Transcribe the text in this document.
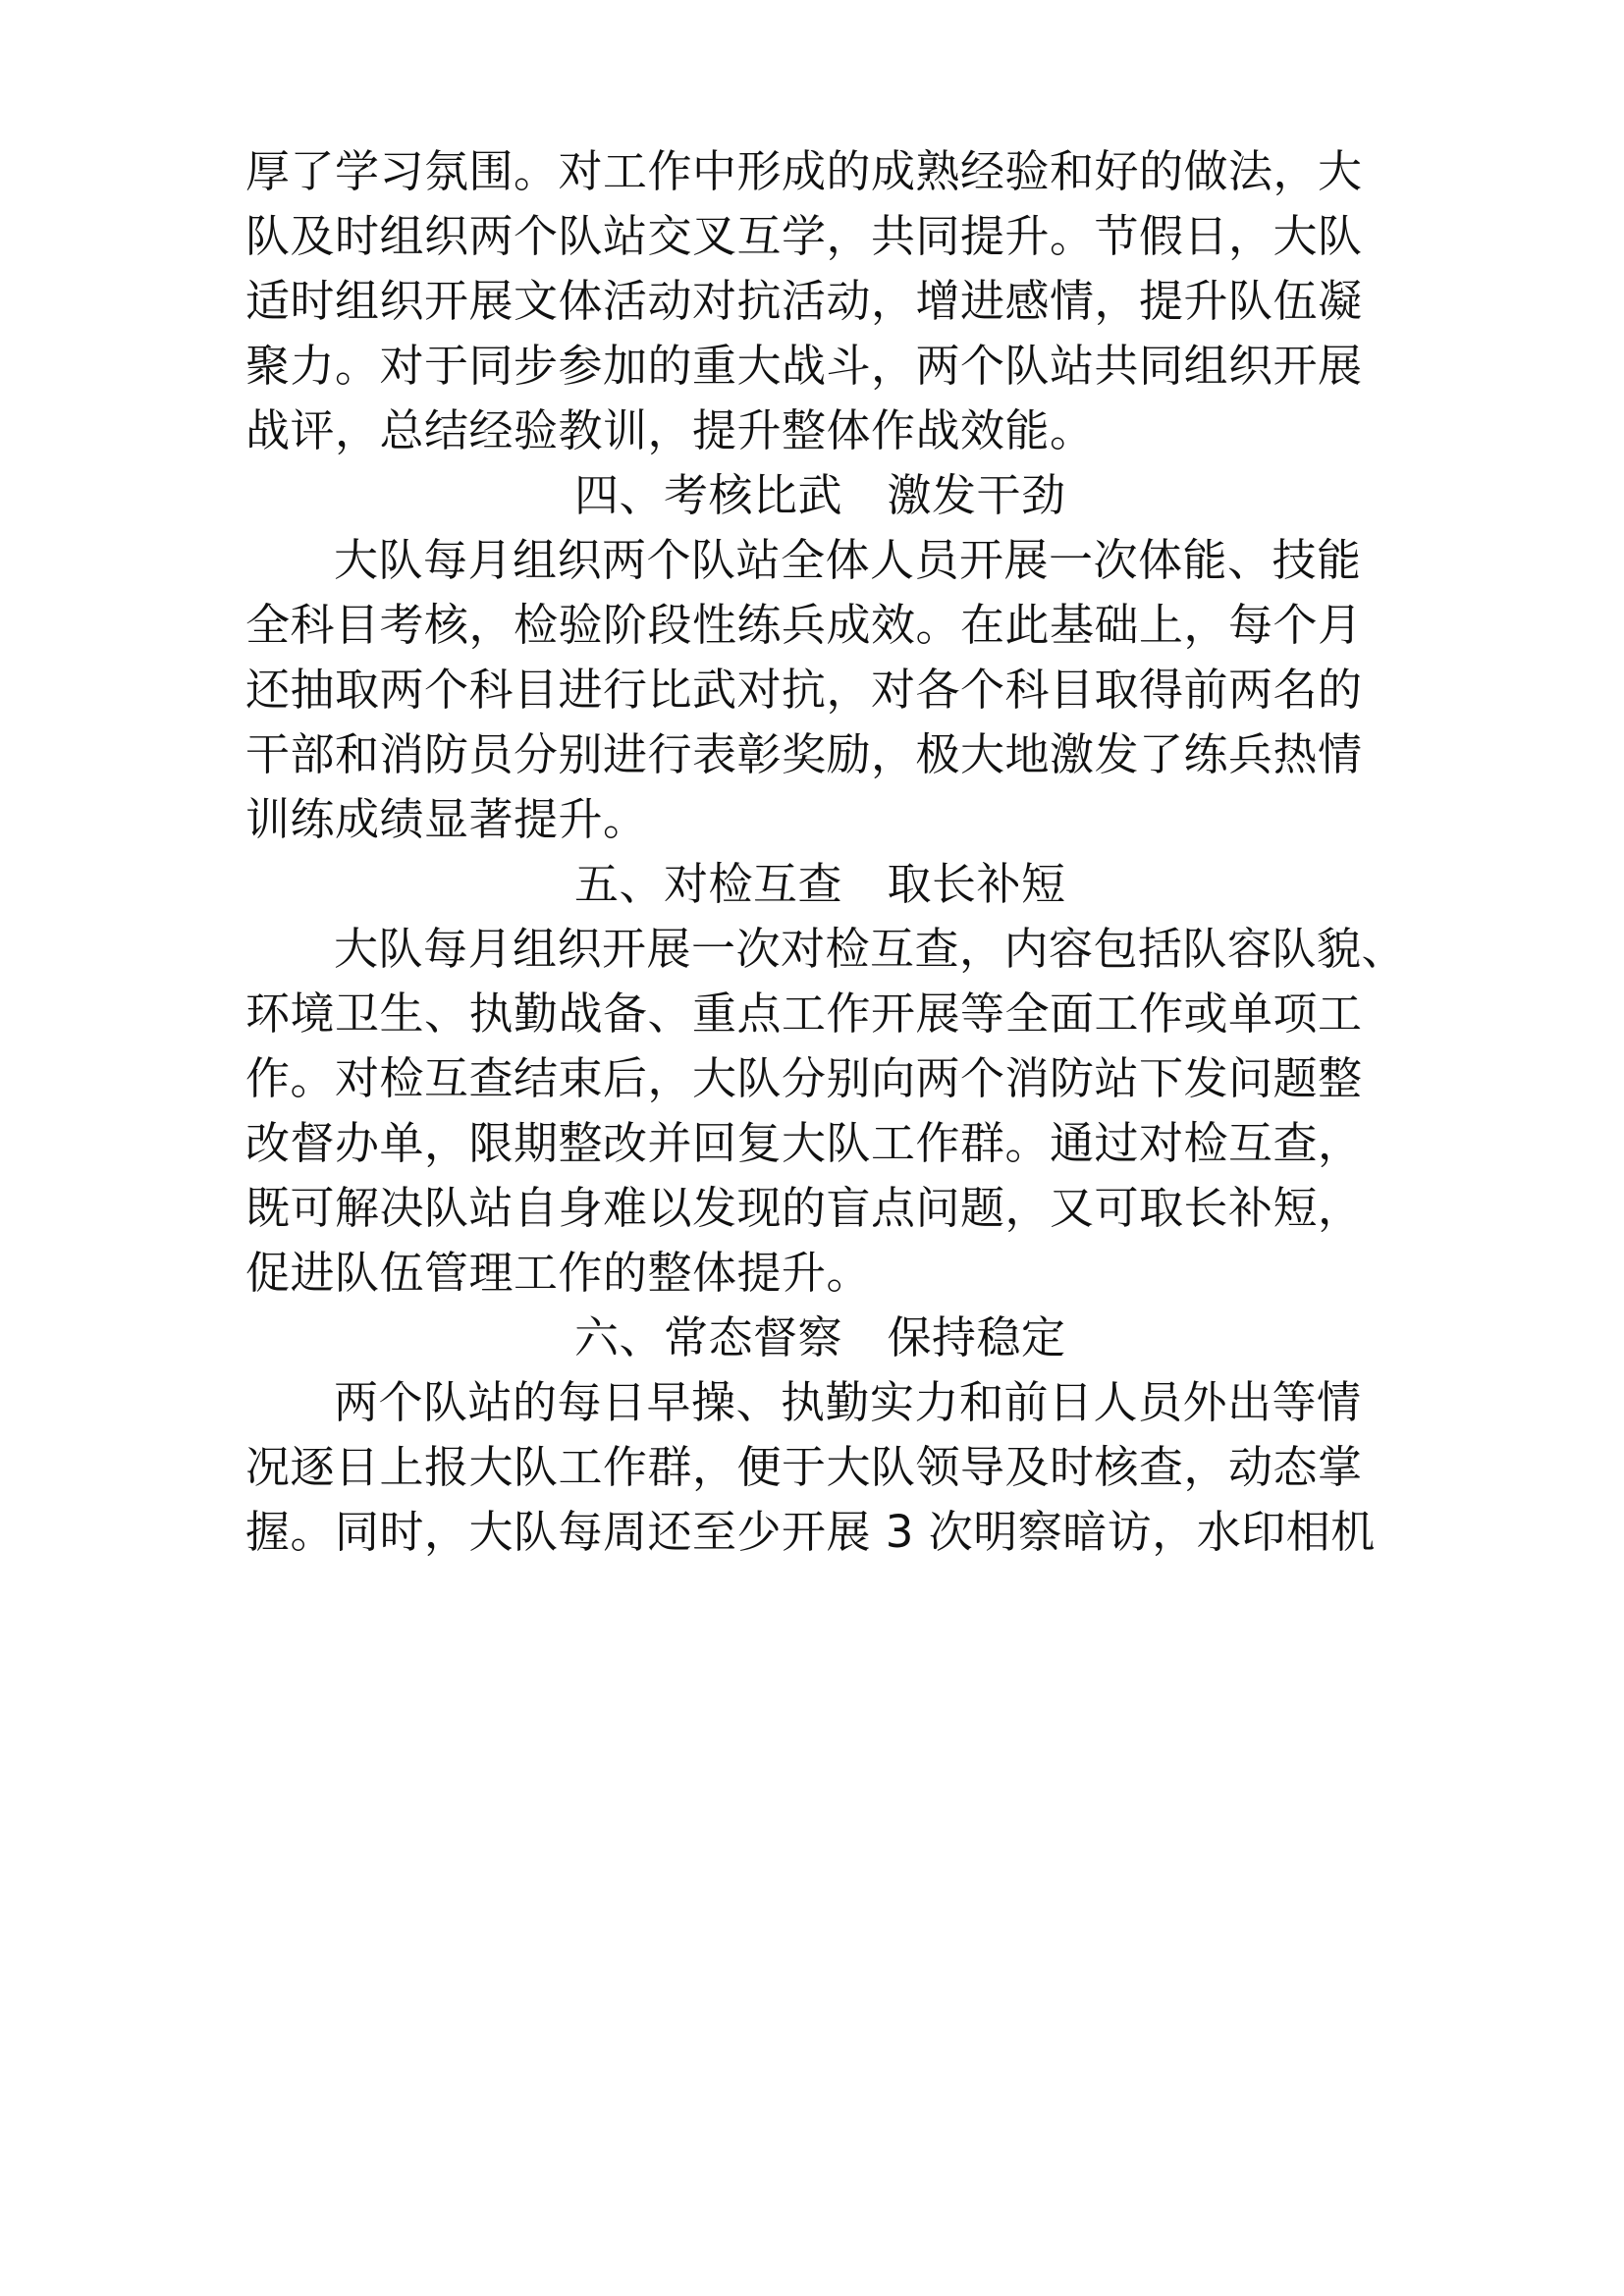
厚了学习氛围。对工作中形成的成熟经验和好的做法，大
队及时组织两个队站交叉互学，共同提升。节假日，大队
适时组织开展文体活动对抗活动，增进感情，提升队伍凝
聚力。对于同步参加的重大战斗，两个队站共同组织开展
战评，总结经验教训，提升整体作战效能。
四、考核比武　激发干劲
大队每月组织两个队站全体人员开展一次体能、技能
全科目考核，检验阶段性练兵成效。在此基础上，每个月
还抽取两个科目进行比武对抗，对各个科目取得前两名的
干部和消防员分别进行表彰奖励，极大地激发了练兵热情
训练成绩显著提升。
五、对检互查　取长补短
大队每月组织开展一次对检互查，内容包括队容队貌、
环境卫生、执勤战备、重点工作开展等全面工作或单项工
作。对检互查结束后，大队分别向两个消防站下发问题整
改督办单，限期整改并回复大队工作群。通过对检互查，
既可解决队站自身难以发现的盲点问题，又可取长补短，
促进队伍管理工作的整体提升。
六、常态督察　保持稳定
两个队站的每日早操、执勤实力和前日人员外出等情
况逐日上报大队工作群，便于大队领导及时核查，动态掌
握。同时，大队每周还至少开展 3 次明察暗访，水印相机
